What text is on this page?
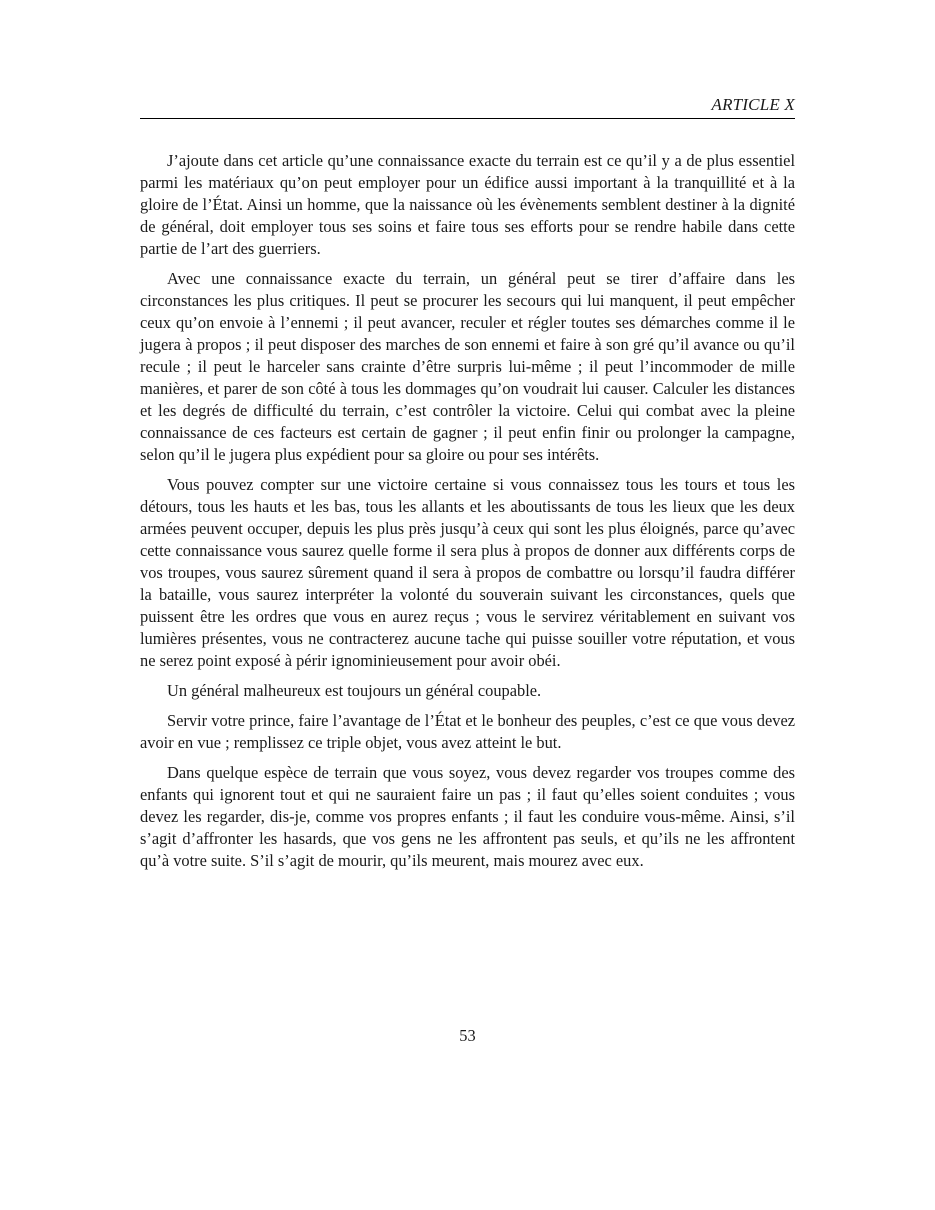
ARTICLE X

J’ajoute dans cet article qu’une connaissance exacte du terrain est ce qu’il y a de plus essentiel parmi les matériaux qu’on peut employer pour un édifice aussi important à la tranquillité et à la gloire de l’État. Ainsi un homme, que la naissance où les évènements semblent destiner à la dignité de général, doit employer tous ses soins et faire tous ses efforts pour se rendre habile dans cette partie de l’art des guerriers.

Avec une connaissance exacte du terrain, un général peut se tirer d’affaire dans les circonstances les plus critiques. Il peut se procurer les secours qui lui manquent, il peut empêcher ceux qu’on envoie à l’ennemi ; il peut avancer, reculer et régler toutes ses démarches comme il le jugera à propos ; il peut disposer des marches de son ennemi et faire à son gré qu’il avance ou qu’il recule ; il peut le harceler sans crainte d’être surpris lui-même ; il peut l’incommoder de mille manières, et parer de son côté à tous les dommages qu’on voudrait lui causer. Calculer les distances et les degrés de difficulté du terrain, c’est contrôler la victoire. Celui qui combat avec la pleine connaissance de ces facteurs est certain de gagner ; il peut enfin finir ou prolonger la campagne, selon qu’il le jugera plus expédient pour sa gloire ou pour ses intérêts.

Vous pouvez compter sur une victoire certaine si vous connaissez tous les tours et tous les détours, tous les hauts et les bas, tous les allants et les aboutissants de tous les lieux que les deux armées peuvent occuper, depuis les plus près jusqu’à ceux qui sont les plus éloignés, parce qu’avec cette connaissance vous saurez quelle forme il sera plus à propos de donner aux différents corps de vos troupes, vous saurez sûrement quand il sera à propos de combattre ou lorsqu’il faudra différer la bataille, vous saurez interpréter la volonté du souverain suivant les circonstances, quels que puissent être les ordres que vous en aurez reçus ; vous le servirez véritablement en suivant vos lumières présentes, vous ne contracterez aucune tache qui puisse souiller votre réputation, et vous ne serez point exposé à périr ignominieusement pour avoir obéi.

Un général malheureux est toujours un général coupable.

Servir votre prince, faire l’avantage de l’État et le bonheur des peuples, c’est ce que vous devez avoir en vue ; remplissez ce triple objet, vous avez atteint le but.

Dans quelque espèce de terrain que vous soyez, vous devez regarder vos troupes comme des enfants qui ignorent tout et qui ne sauraient faire un pas ; il faut qu’elles soient conduites ; vous devez les regarder, dis-je, comme vos propres enfants ; il faut les conduire vous-même. Ainsi, s’il s’agit d’affronter les hasards, que vos gens ne les affrontent pas seuls, et qu’ils ne les affrontent qu’à votre suite. S’il s’agit de mourir, qu’ils meurent, mais mourez avec eux.

53
